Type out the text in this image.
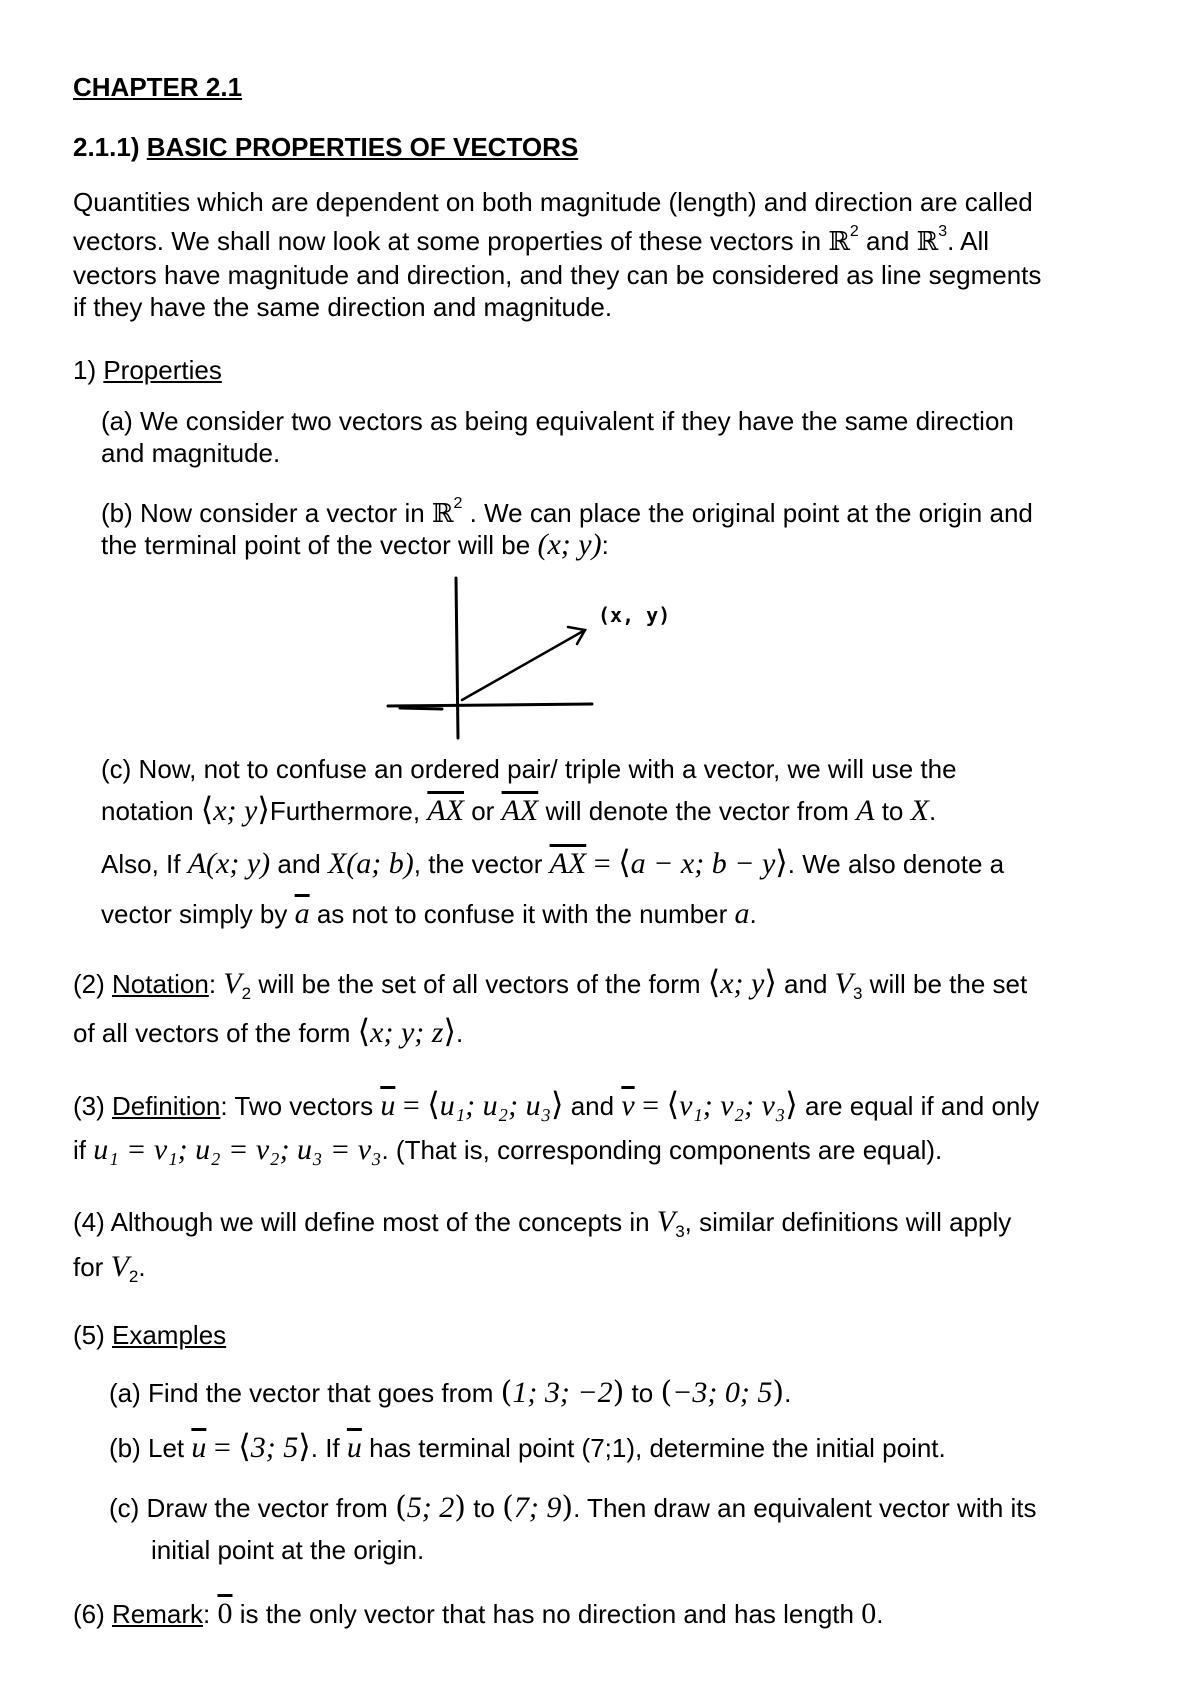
CHAPTER 2.1
2.1.1) BASIC PROPERTIES OF VECTORS
Quantities which are dependent on both magnitude (length) and direction are called
vectors. We shall now look at some properties of these vectors in ℝ$^2$ and ℝ$^3$. All
vectors have magnitude and direction, and they can be considered as line segments
if they have the same direction and magnitude.
1) Properties
(a) We consider two vectors as being equivalent if they have the same direction
and magnitude.
(b) Now consider a vector in ℝ$^2$ . We can place the original point at the origin and
the terminal point of the vector will be (x; y):
(x, y)
(c) Now, not to confuse an ordered pair/ triple with a vector, we will use the
notation ⟨x; y⟩Furthermore, $\overline{AX}$ or $\overline{AX}$ will denote the vector from A to X.
Also, If A(x; y) and X(a; b), the vector $\overline{AX}$ = ⟨a − x; b − y⟩. We also denote a
vector simply by $\overline{a}$ as not to confuse it with the number a.
(2) Notation: $V_2$ will be the set of all vectors of the form ⟨x; y⟩ and $V_3$ will be the set
of all vectors of the form ⟨x; y; z⟩.
(3) Definition: Two vectors $\overline{u}$ = ⟨u₁; u₂; u₃⟩ and $\overline{v}$ = ⟨v₁; v₂; v₃⟩ are equal if and only
if u₁ = v₁; u₂ = v₂; u₃ = v₃. (That is, corresponding components are equal).
(4) Although we will define most of the concepts in $V_3$, similar definitions will apply
for $V_2$.
(5) Examples
(a) Find the vector that goes from (1; 3; −2) to (−3; 0; 5).
(b) Let $\overline{u}$ = ⟨3; 5⟩. If $\overline{u}$ has terminal point (7;1), determine the initial point.
(c) Draw the vector from (5; 2) to (7; 9). Then draw an equivalent vector with its
initial point at the origin.
(6) Remark: 0 is the only vector that has no direction and has length 0.
